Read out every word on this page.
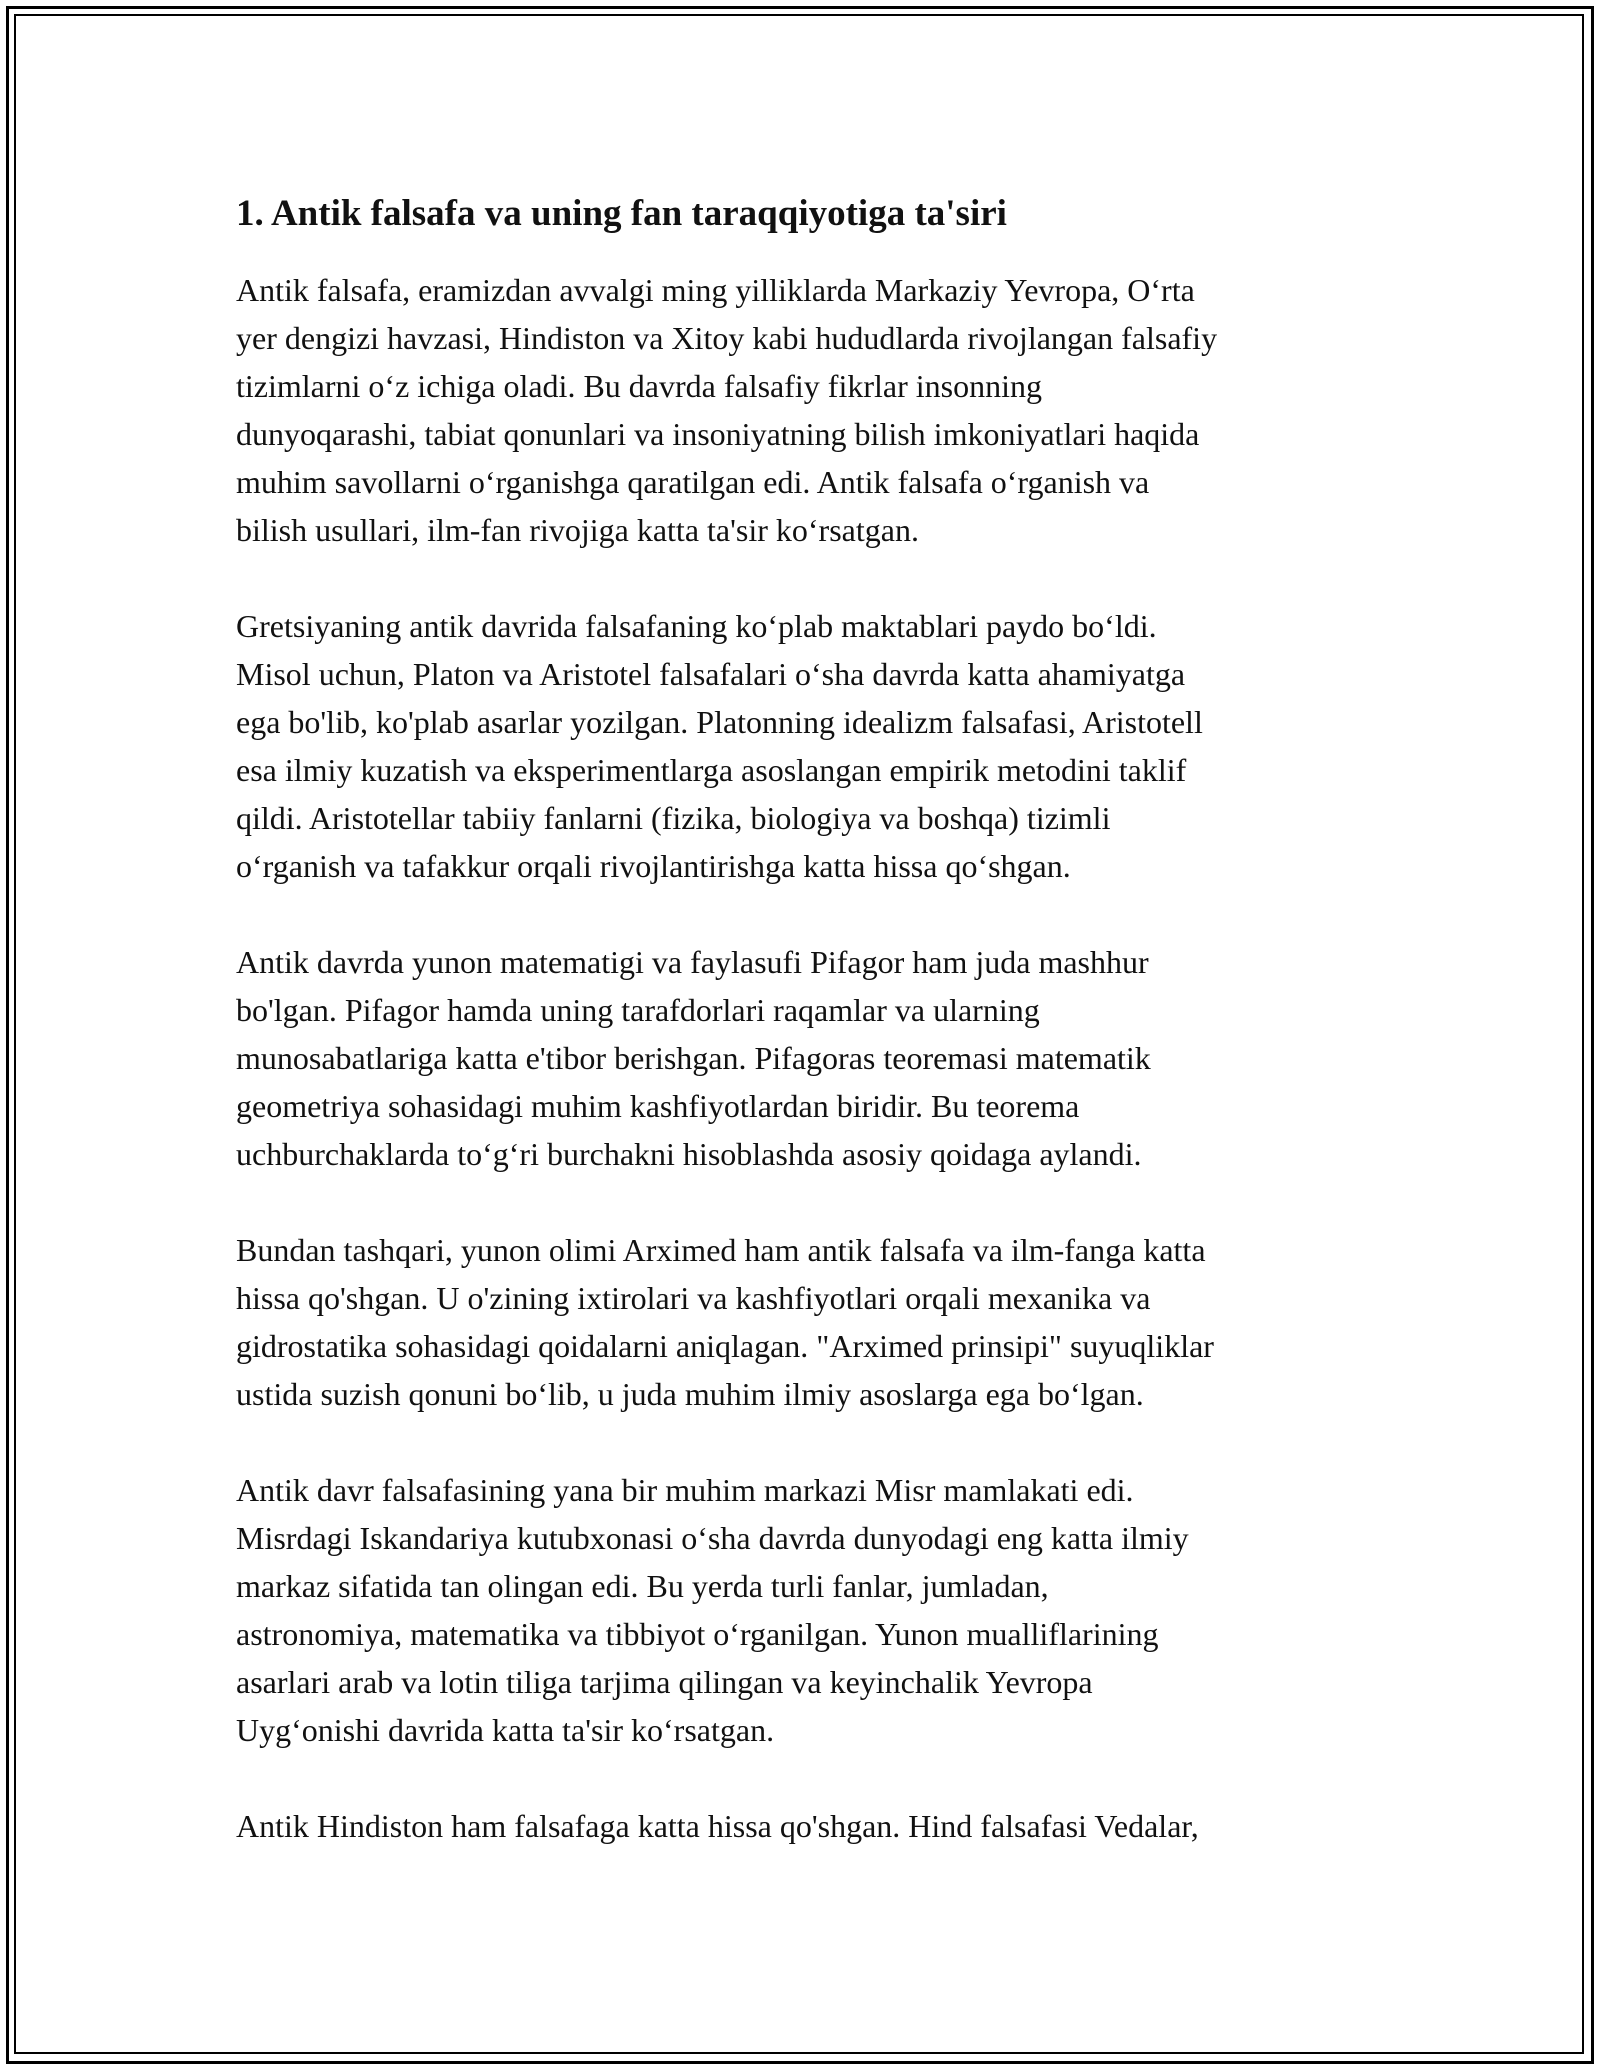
1. Antik falsafa va uning fan taraqqiyotiga ta'siri

Antik falsafa, eramizdan avvalgi ming yilliklarda Markaziy Yevropa, O‘rta
yer dengizi havzasi, Hindiston va Xitoy kabi hududlarda rivojlangan falsafiy
tizimlarni o‘z ichiga oladi. Bu davrda falsafiy fikrlar insonning
dunyoqarashi, tabiat qonunlari va insoniyatning bilish imkoniyatlari haqida
muhim savollarni o‘rganishga qaratilgan edi. Antik falsafa o‘rganish va
bilish usullari, ilm-fan rivojiga katta ta'sir ko‘rsatgan.

Gretsiyaning antik davrida falsafaning ko‘plab maktablari paydo bo‘ldi.
Misol uchun, Platon va Aristotel falsafalari o‘sha davrda katta ahamiyatga
ega bo'lib, ko'plab asarlar yozilgan. Platonning idealizm falsafasi, Aristotell
esa ilmiy kuzatish va eksperimentlarga asoslangan empirik metodini taklif
qildi. Aristotellar tabiiy fanlarni (fizika, biologiya va boshqa) tizimli
o‘rganish va tafakkur orqali rivojlantirishga katta hissa qo‘shgan.

Antik davrda yunon matematigi va faylasufi Pifagor ham juda mashhur
bo'lgan. Pifagor hamda uning tarafdorlari raqamlar va ularning
munosabatlariga katta e'tibor berishgan. Pifagoras teoremasi matematik
geometriya sohasidagi muhim kashfiyotlardan biridir. Bu teorema
uchburchaklarda to‘g‘ri burchakni hisoblashda asosiy qoidaga aylandi.

Bundan tashqari, yunon olimi Arximed ham antik falsafa va ilm-fanga katta
hissa qo'shgan. U o'zining ixtirolari va kashfiyotlari orqali mexanika va
gidrostatika sohasidagi qoidalarni aniqlagan. "Arximed prinsipi" suyuqliklar
ustida suzish qonuni bo‘lib, u juda muhim ilmiy asoslarga ega bo‘lgan.

Antik davr falsafasining yana bir muhim markazi Misr mamlakati edi.
Misrdagi Iskandariya kutubxonasi o‘sha davrda dunyodagi eng katta ilmiy
markaz sifatida tan olingan edi. Bu yerda turli fanlar, jumladan,
astronomiya, matematika va tibbiyot o‘rganilgan. Yunon mualliflarining
asarlari arab va lotin tiliga tarjima qilingan va keyinchalik Yevropa
Uyg‘onishi davrida katta ta'sir ko‘rsatgan.

Antik Hindiston ham falsafaga katta hissa qo'shgan. Hind falsafasi Vedalar,
